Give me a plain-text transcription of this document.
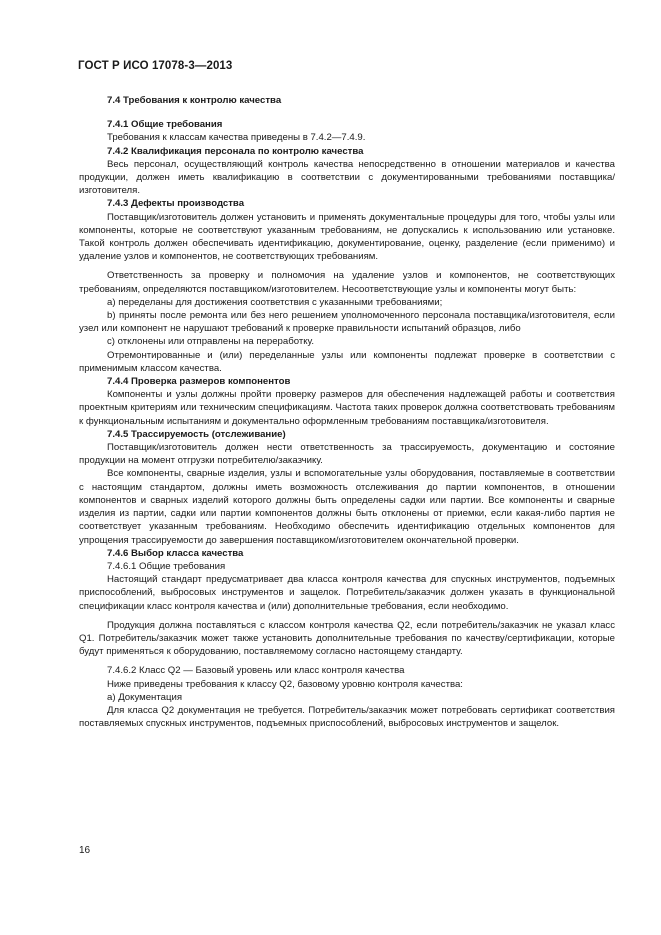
ГОСТ Р ИСО 17078-3—2013

7.4 Требования к контролю качества

7.4.1 Общие требования

Требования к классам качества приведены в 7.4.2—7.4.9.

7.4.2 Квалификация персонала по контролю качества

Весь персонал, осуществляющий контроль качества непосредственно в отношении материалов и качества продукции, должен иметь квалификацию в соответствии с документированными требованиями поставщика/изготовителя.

7.4.3 Дефекты производства

Поставщик/изготовитель должен установить и применять документальные процедуры для того, чтобы узлы или компоненты, которые не соответствуют указанным требованиям, не допускались к использованию или установке. Такой контроль должен обеспечивать идентификацию, документирование, оценку, разделение (если применимо) и удаление узлов и компонентов, не соответствующих требованиям.

Ответственность за проверку и полномочия на удаление узлов и компонентов, не соответствующих требованиям, определяются поставщиком/изготовителем. Несоответствующие узлы и компоненты могут быть:

a) переделаны для достижения соответствия с указанными требованиями;

b) приняты после ремонта или без него решением уполномоченного персонала поставщика/изготовителя, если узел или компонент не нарушают требований к проверке правильности испытаний образцов, либо

c) отклонены или отправлены на переработку.

Отремонтированные и (или) переделанные узлы или компоненты подлежат проверке в соответствии с применимым классом качества.

7.4.4 Проверка размеров компонентов

Компоненты и узлы должны пройти проверку размеров для обеспечения надлежащей работы и соответствия проектным критериям или техническим спецификациям. Частота таких проверок должна соответствовать требованиям к функциональным испытаниям и документально оформленным требованиям поставщика/изготовителя.

7.4.5 Трассируемость (отслеживание)

Поставщик/изготовитель должен нести ответственность за трассируемость, документацию и состояние продукции на момент отгрузки потребителю/заказчику.

Все компоненты, сварные изделия, узлы и вспомогательные узлы оборудования, поставляемые в соответствии с настоящим стандартом, должны иметь возможность отслеживания до партии компонентов, в отношении компонентов и сварных изделий которого должны быть определены садки или партии. Все компоненты и сварные изделия из партии, садки или партии компонентов должны быть отклонены от приемки, если какая-либо партия не соответствует указанным требованиям. Необходимо обеспечить идентификацию отдельных компонентов для упрощения трассируемости до завершения поставщиком/изготовителем окончательной проверки.

7.4.6 Выбор класса качества

7.4.6.1 Общие требования

Настоящий стандарт предусматривает два класса контроля качества для спускных инструментов, подъемных приспособлений, выбросовых инструментов и защелок. Потребитель/заказчик должен указать в функциональной спецификации класс контроля качества и (или) дополнительные требования, если необходимо.

Продукция должна поставляться с классом контроля качества Q2, если потребитель/заказчик не указал класс Q1. Потребитель/заказчик может также установить дополнительные требования по качеству/сертификации, которые будут применяться к оборудованию, поставляемому согласно настоящему стандарту.

7.4.6.2 Класс Q2 — Базовый уровень или класс контроля качества

Ниже приведены требования к классу Q2, базовому уровню контроля качества:

a) Документация

Для класса Q2 документация не требуется. Потребитель/заказчик может потребовать сертификат соответствия поставляемых спускных инструментов, подъемных приспособлений, выбросовых инструментов и защелок.

16
